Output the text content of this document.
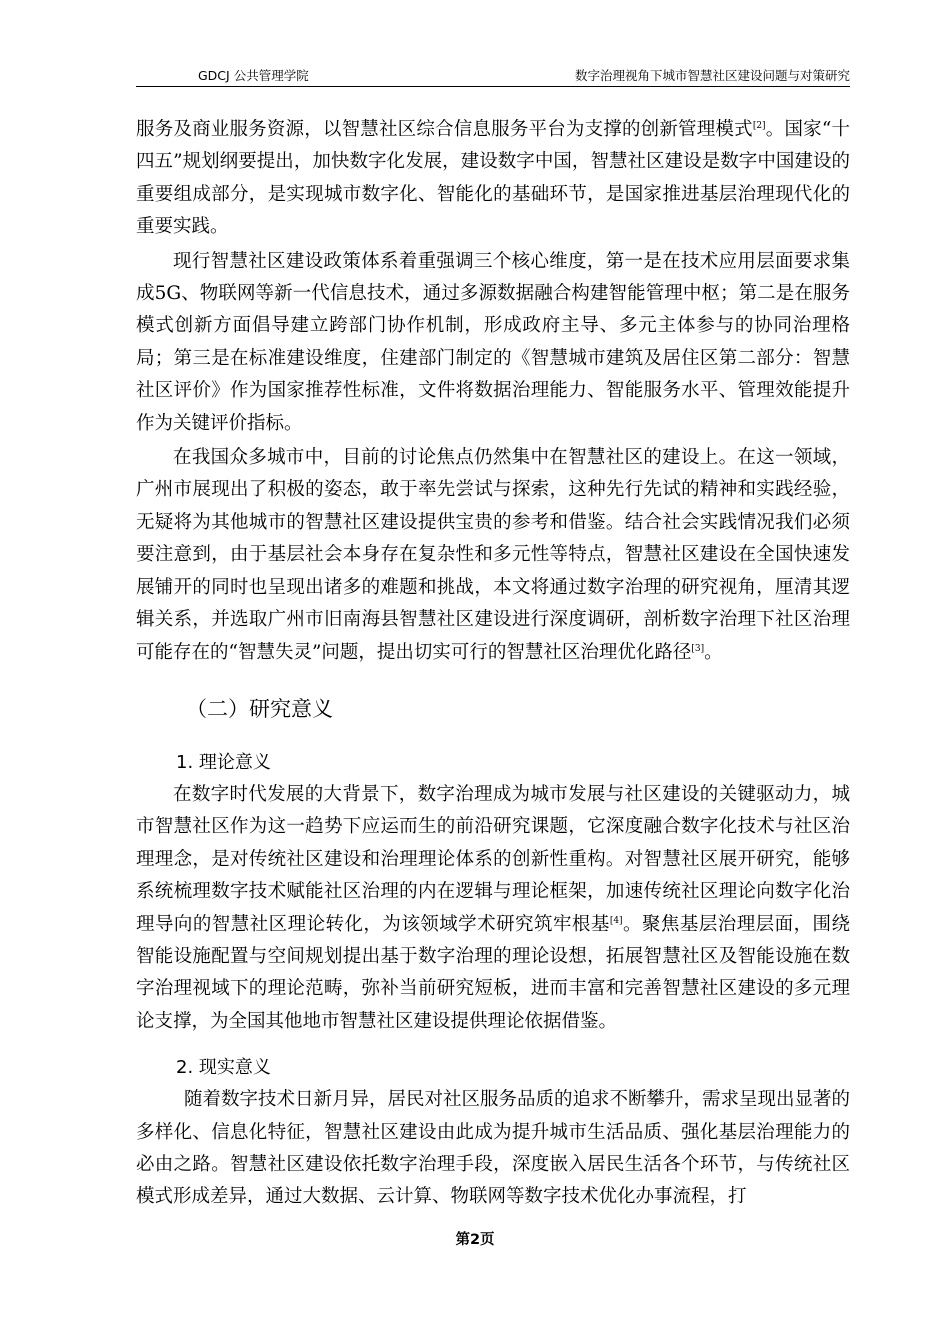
GDCJ 公共管理学院	数字治理视角下城市智慧社区建设问题与对策研究

服务及商业服务资源，以智慧社区综合信息服务平台为支撑的创新管理模式[2]。国家“十四五”规划纲要提出，加快数字化发展，建设数字中国，智慧社区建设是数字中国建设的重要组成部分，是实现城市数字化、智能化的基础环节，是国家推进基层治理现代化的重要实践。

现行智慧社区建设政策体系着重强调三个核心维度，第一是在技术应用层面要求集成5G、物联网等新一代信息技术，通过多源数据融合构建智能管理中枢；第二是在服务模式创新方面倡导建立跨部门协作机制，形成政府主导、多元主体参与的协同治理格局；第三是在标准建设维度，住建部门制定的《智慧城市建筑及居住区第二部分：智慧社区评价》作为国家推荐性标准，文件将数据治理能力、智能服务水平、管理效能提升作为关键评价指标。

在我国众多城市中，目前的讨论焦点仍然集中在智慧社区的建设上。在这一领域，广州市展现出了积极的姿态，敢于率先尝试与探索，这种先行先试的精神和实践经验，无疑将为其他城市的智慧社区建设提供宝贵的参考和借鉴。结合社会实践情况我们必须要注意到，由于基层社会本身存在复杂性和多元性等特点，智慧社区建设在全国快速发展铺开的同时也呈现出诸多的难题和挑战，本文将通过数字治理的研究视角，厘清其逻辑关系，并选取广州市旧南海县智慧社区建设进行深度调研，剖析数字治理下社区治理可能存在的“智慧失灵”问题，提出切实可行的智慧社区治理优化路径[3]。

（二）研究意义
1. 理论意义

在数字时代发展的大背景下，数字治理成为城市发展与社区建设的关键驱动力，城市智慧社区作为这一趋势下应运而生的前沿研究课题，它深度融合数字化技术与社区治理理念，是对传统社区建设和治理理论体系的创新性重构。对智慧社区展开研究，能够系统梳理数字技术赋能社区治理的内在逻辑与理论框架，加速传统社区理论向数字化治理导向的智慧社区理论转化，为该领域学术研究筑牢根基[4]。聚焦基层治理层面，围绕智能设施配置与空间规划提出基于数字治理的理论设想，拓展智慧社区及智能设施在数字治理视域下的理论范畴，弥补当前研究短板，进而丰富和完善智慧社区建设的多元理论支撑，为全国其他地市智慧社区建设提供理论依据借鉴。

2. 现实意义

随着数字技术日新月异，居民对社区服务品质的追求不断攀升，需求呈现出显著的多样化、信息化特征，智慧社区建设由此成为提升城市生活品质、强化基层治理能力的必由之路。智慧社区建设依托数字治理手段，深度嵌入居民生活各个环节，与传统社区模式形成差异，通过大数据、云计算、物联网等数字技术优化办事流程，打

第2页
